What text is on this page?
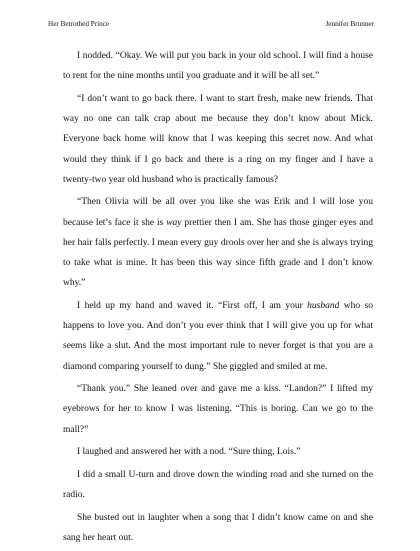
Her Betrothed Prince	Jennifer Brunner

I nodded. “Okay. We will put you back in your old school. I will find a house to rent for the nine months until you graduate and it will be all set.”

“I don’t want to go back there. I want to start fresh, make new friends. That way no one can talk crap about me because they don’t know about Mick. Everyone back home will know that I was keeping this secret now. And what would they think if I go back and there is a ring on my finger and I have a twenty-two year old husband who is practically famous?

“Then Olivia will be all over you like she was Erik and I will lose you because let’s face it she is way prettier then I am. She has those ginger eyes and her hair falls perfectly. I mean every guy drools over her and she is always trying to take what is mine. It has been this way since fifth grade and I don’t know why.”

I held up my hand and waved it. “First off, I am your husband who so happens to love you. And don’t you ever think that I will give you up for what seems like a slut. And the most important rule to never forget is that you are a diamond comparing yourself to dung.” She giggled and smiled at me.

“Thank you.” She leaned over and gave me a kiss. “Landon?” I lifted my eyebrows for her to know I was listening. “This is boring. Can we go to the mall?”

I laughed and answered her with a nod. “Sure thing, Lois.”

I did a small U-turn and drove down the winding road and she turned on the radio.

She busted out in laughter when a song that I didn’t know came on and she sang her heart out.
